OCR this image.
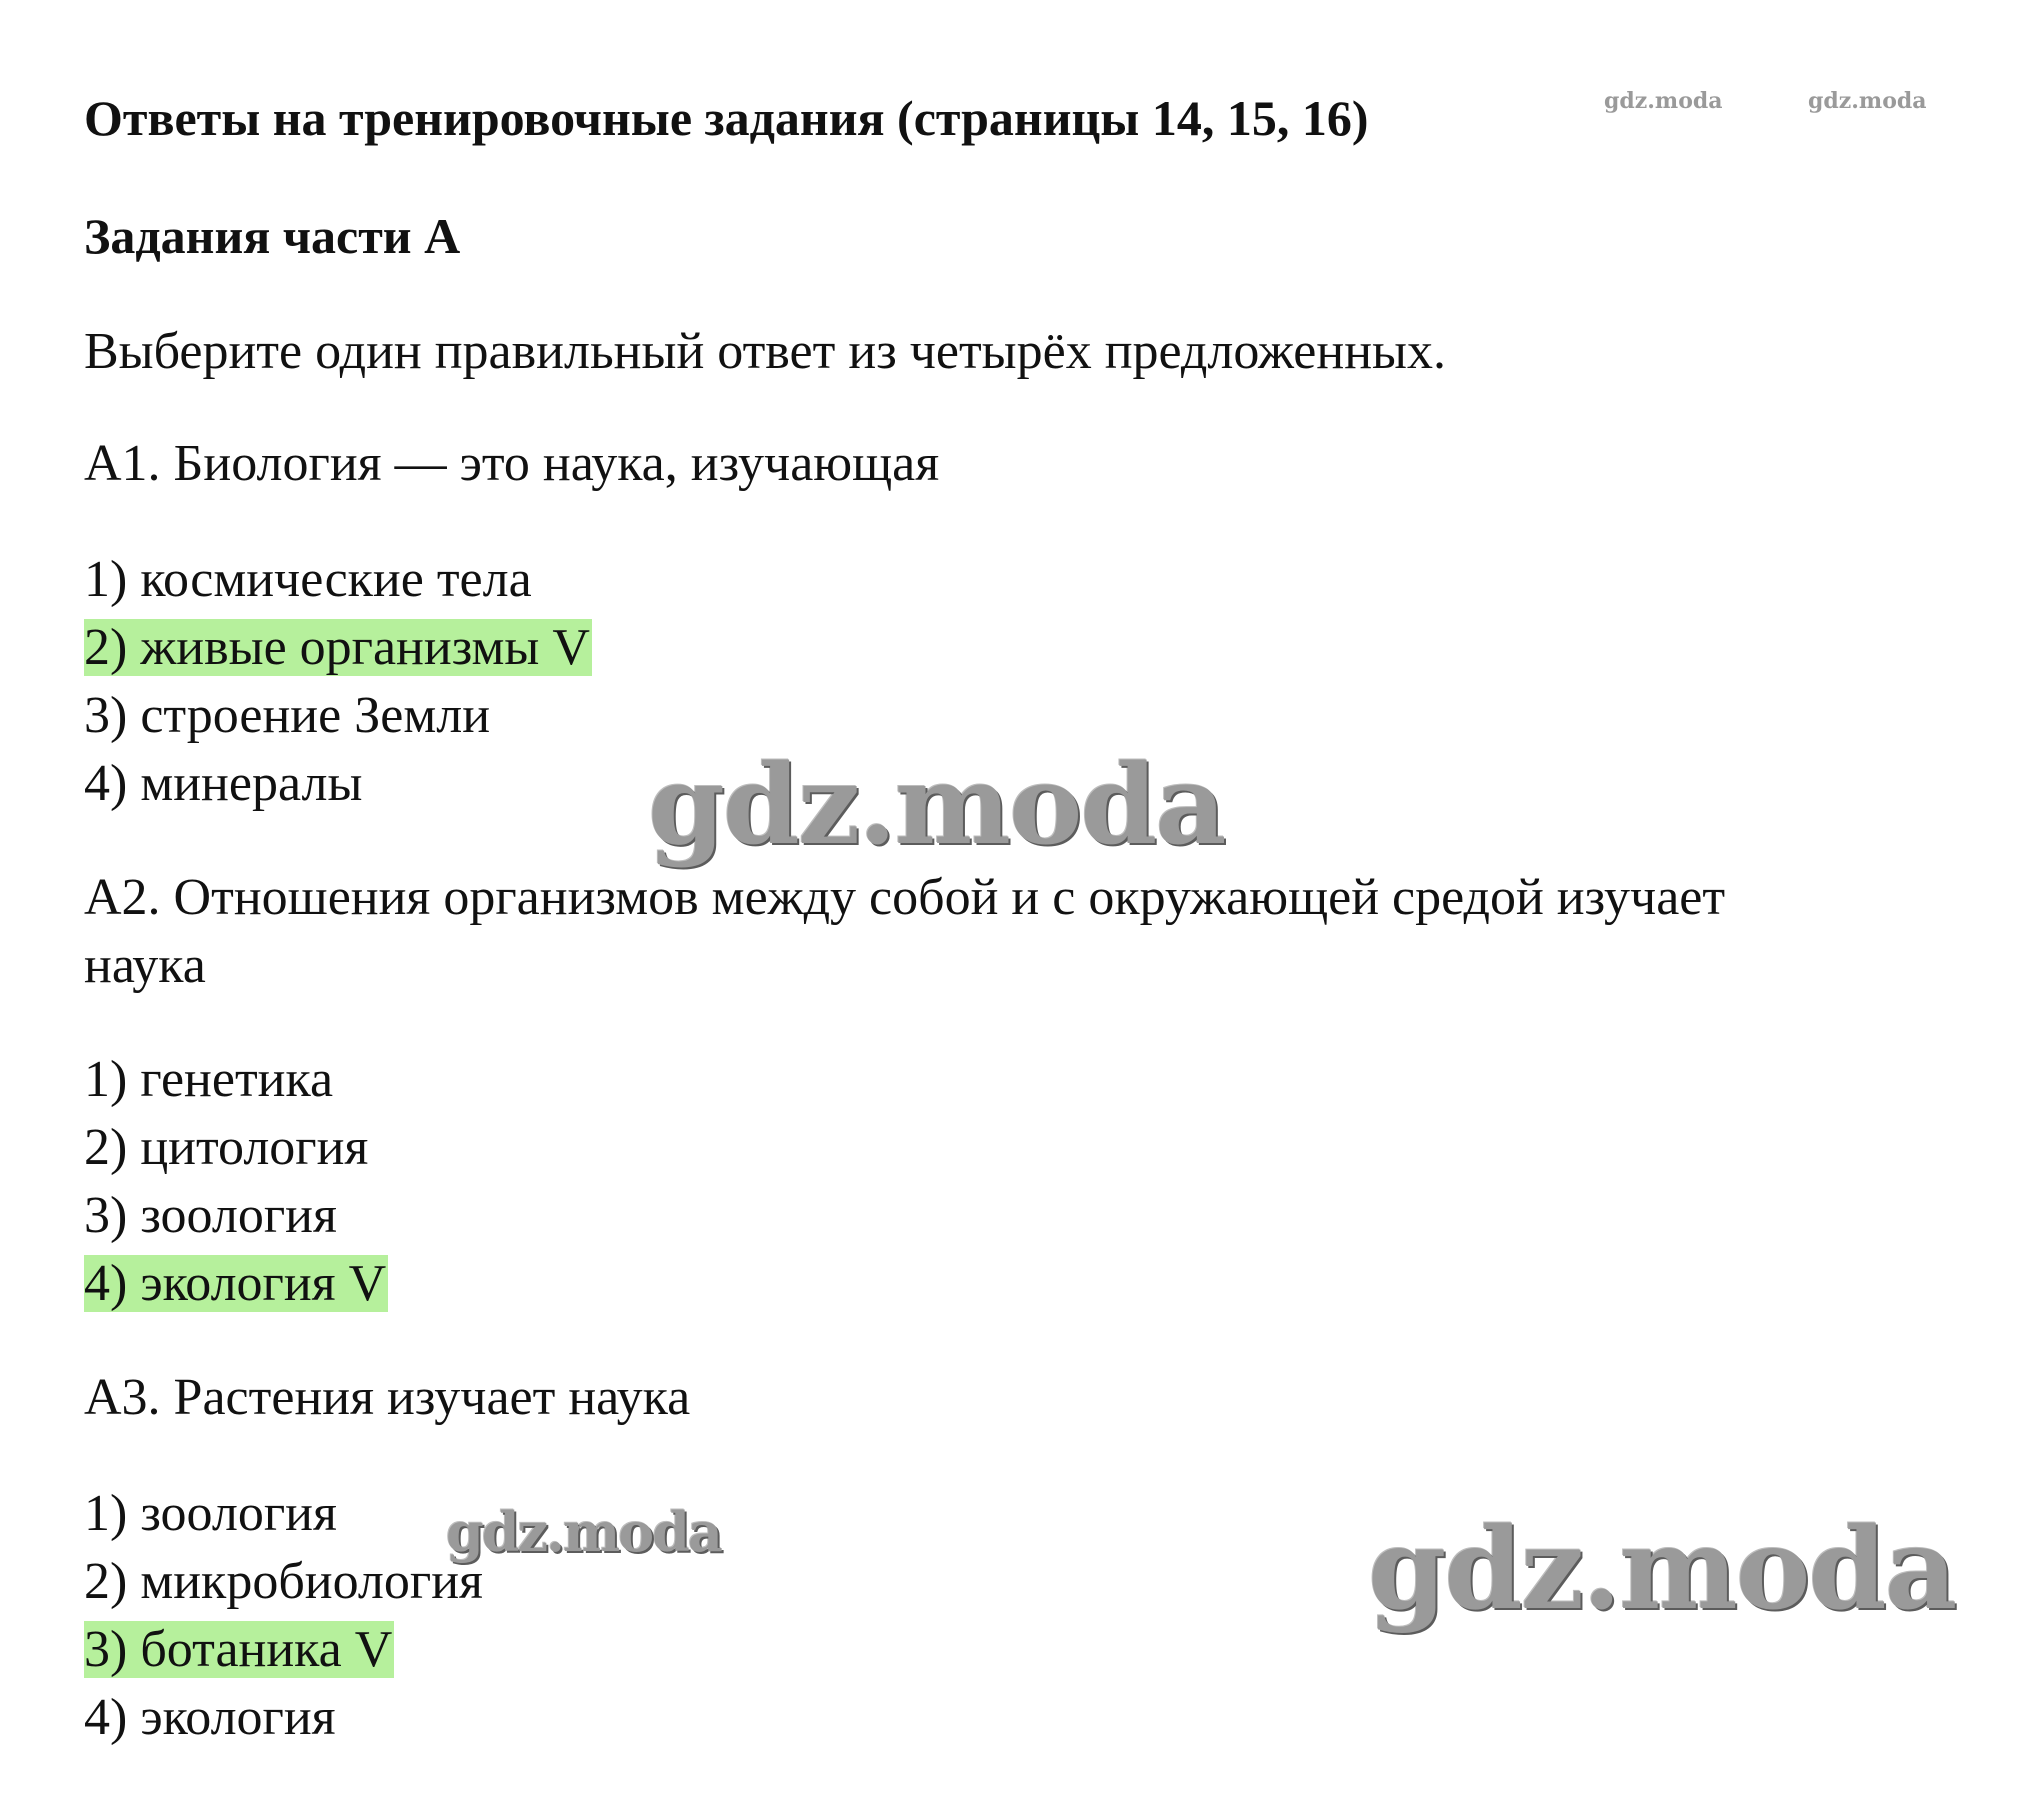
Ответы на тренировочные задания (страницы 14, 15, 16)
Задания части А
Выберите один правильный ответ из четырёх предложенных.
А1. Биология — это наука, изучающая
1) космические тела
2) живые организмы V
3) строение Земли
4) минералы
А2. Отношения организмов между собой и с окружающей средой изучает
наука
1) генетика
2) цитология
3) зоология
4) экология V
А3. Растения изучает наука
1) зоология
2) микробиология
3) ботаника V
4) экология
gdz.moda	gdz.moda
gdz.moda
gdz.moda	gdz.moda
